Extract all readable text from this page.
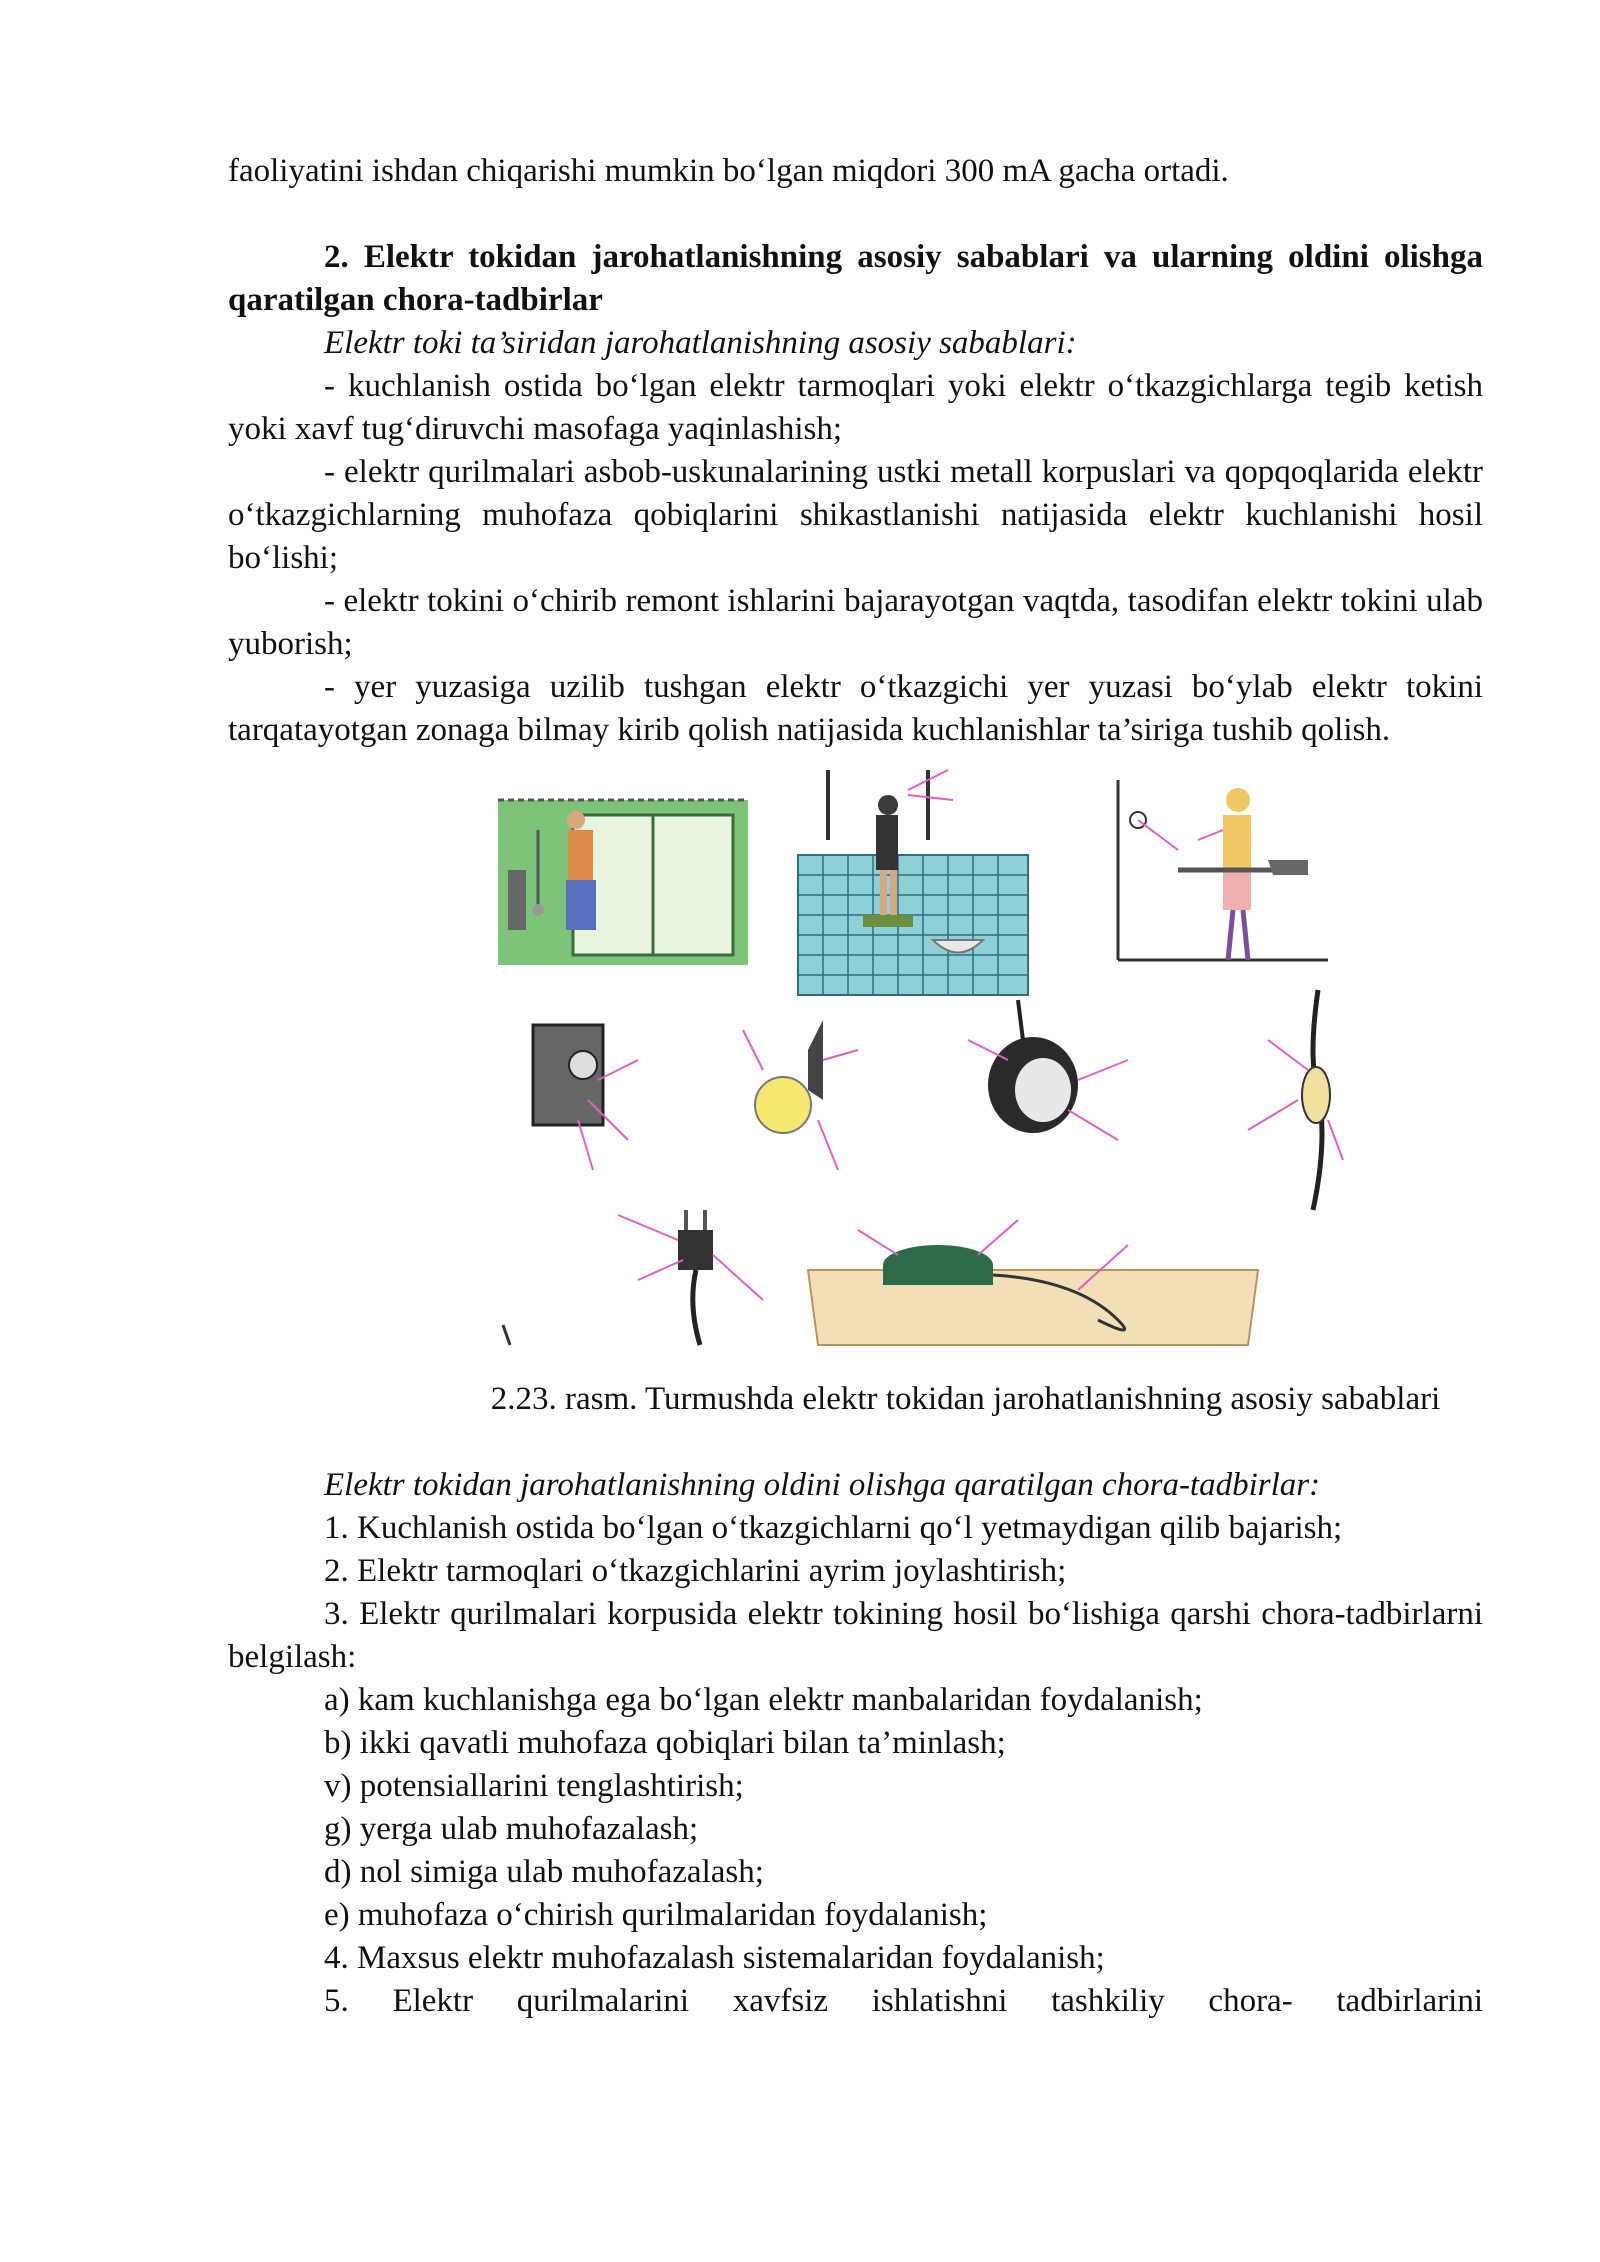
faoliyatini ishdan chiqarishi mumkin bo‘lgan miqdori 300 mA gacha ortadi.

2. Elektr tokidan jarohatlanishning asosiy sabablari va ularning oldini olishga qaratilgan chora-tadbirlar

Elektr toki ta’siridan jarohatlanishning asosiy sabablari:

- kuchlanish ostida bo‘lgan elektr tarmoqlari yoki elektr o‘tkazgichlarga tegib ketish yoki xavf tug‘diruvchi masofaga yaqinlashish;

- elektr qurilmalari asbob-uskunalarining ustki metall korpuslari va qopqoqlarida elektr o‘tkazgichlarning muhofaza qobiqlarini shikastlanishi natijasida elektr kuchlanishi hosil bo‘lishi;

- elektr tokini o‘chirib remont ishlarini bajarayotgan vaqtda, tasodifan elektr tokini ulab yuborish;

- yer yuzasiga uzilib tushgan elektr o‘tkazgichi yer yuzasi bo‘ylab elektr tokini tarqatayotgan zonaga bilmay kirib qolish natijasida kuchlanishlar ta’siriga tushib qolish.

2.23. rasm. Turmushda elektr tokidan jarohatlanishning asosiy sabablari

Elektr tokidan jarohatlanishning oldini olishga qaratilgan chora-tadbirlar:

1. Kuchlanish ostida bo‘lgan o‘tkazgichlarni qo‘l yetmaydigan qilib bajarish;

2. Elektr tarmoqlari o‘tkazgichlarini ayrim joylashtirish;

3. Elektr qurilmalari korpusida elektr tokining hosil bo‘lishiga qarshi chora-tadbirlarni belgilash:

a) kam kuchlanishga ega bo‘lgan elektr manbalaridan foydalanish;

b) ikki qavatli muhofaza qobiqlari bilan ta’minlash;

v) potensiallarini tenglashtirish;

g) yerga ulab muhofazalash;

d) nol simiga ulab muhofazalash;

e) muhofaza o‘chirish qurilmalaridan foydalanish;

4. Maxsus elektr muhofazalash sistemalaridan foydalanish;

5. Elektr qurilmalarini xavfsiz ishlatishni tashkiliy chora- tadbirlarini
